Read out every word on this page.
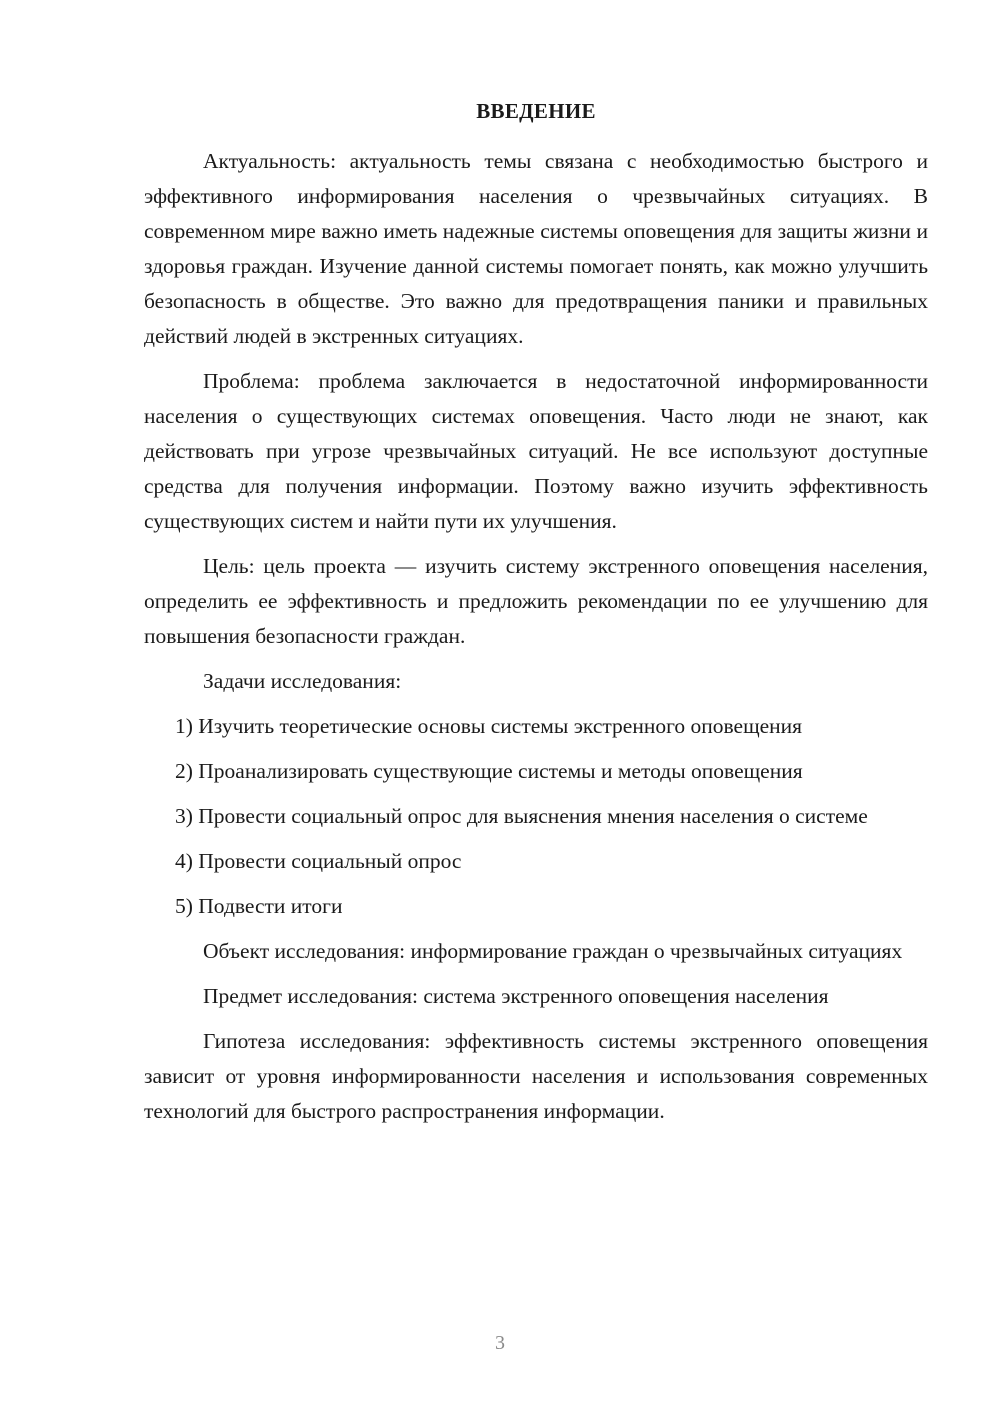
ВВЕДЕНИЕ

Актуальность: актуальность темы связана с необходимостью быстрого и эффективного информирования населения о чрезвычайных ситуациях. В современном мире важно иметь надежные системы оповещения для защиты жизни и здоровья граждан. Изучение данной системы помогает понять, как можно улучшить безопасность в обществе. Это важно для предотвращения паники и правильных действий людей в экстренных ситуациях.

Проблема: проблема заключается в недостаточной информированности населения о существующих системах оповещения. Часто люди не знают, как действовать при угрозе чрезвычайных ситуаций. Не все используют доступные средства для получения информации. Поэтому важно изучить эффективность существующих систем и найти пути их улучшения.

Цель: цель проекта — изучить систему экстренного оповещения населения, определить ее эффективность и предложить рекомендации по ее улучшению для повышения безопасности граждан.

Задачи исследования:

1) Изучить теоретические основы системы экстренного оповещения

2) Проанализировать существующие системы и методы оповещения

3) Провести социальный опрос для выяснения мнения населения о системе

4) Провести социальный опрос

5) Подвести итоги

Объект исследования: информирование граждан о чрезвычайных ситуациях

Предмет исследования: система экстренного оповещения населения

Гипотеза исследования: эффективность системы экстренного оповещения зависит от уровня информированности населения и использования современных технологий для быстрого распространения информации.

3
